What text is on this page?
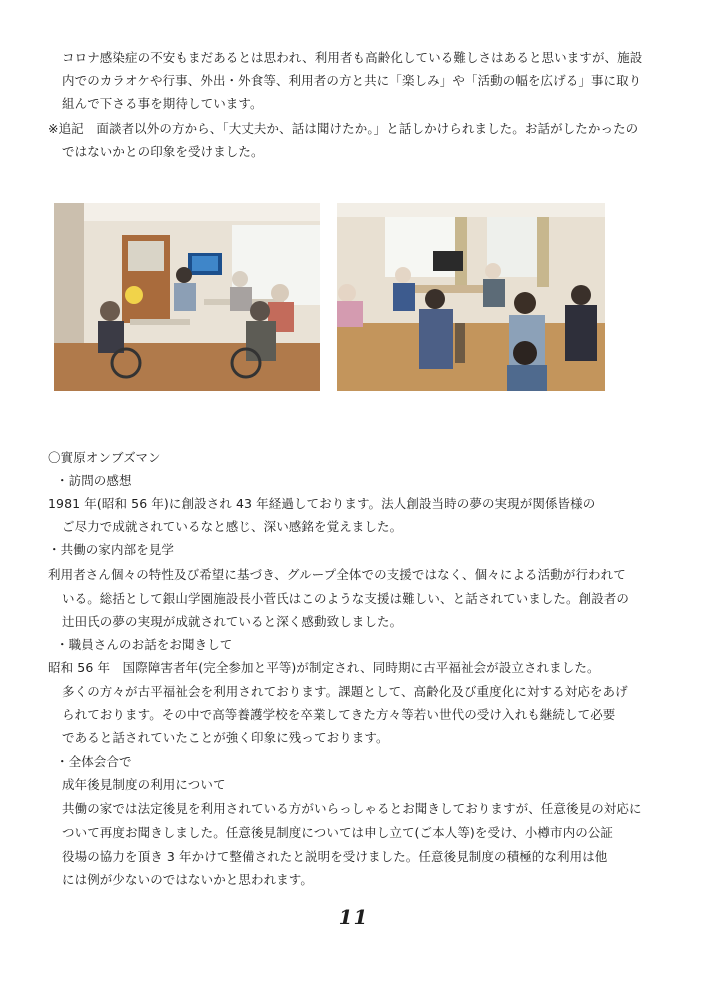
コロナ感染症の不安もまだあるとは思われ、利用者も高齢化している難しさはあると思いますが、施設
内でのカラオケや行事、外出・外食等、利用者の方と共に「楽しみ」や「活動の幅を広げる」事に取り
組んで下さる事を期待しています。
※追記　面談者以外の方から、「大丈夫か、話は聞けたか。」と話しかけられました。お話がしたかったの
ではないかとの印象を受けました。
〇實原オンブズマン
・訪問の感想
1981 年(昭和 56 年)に創設され 43 年経過しております。法人創設当時の夢の実現が関係皆様の
ご尽力で成就されているなと感じ、深い感銘を覚えました。
・共働の家内部を見学
利用者さん個々の特性及び希望に基づき、グループ全体での支援ではなく、個々による活動が行われて
いる。総括として銀山学園施設長小菅氏はこのような支援は難しい、と話されていました。創設者の
辻田氏の夢の実現が成就されていると深く感動致しました。
・職員さんのお話をお聞きして
昭和 56 年　国際障害者年(完全参加と平等)が制定され、同時期に古平福祉会が設立されました。
多くの方々が古平福祉会を利用されております。課題として、高齢化及び重度化に対する対応をあげ
られております。その中で高等養護学校を卒業してきた方々等若い世代の受け入れも継続して必要
であると話されていたことが強く印象に残っております。
・全体会合で
成年後見制度の利用について
共働の家では法定後見を利用されている方がいらっしゃるとお聞きしておりますが、任意後見の対応に
ついて再度お聞きしました。任意後見制度については申し立て(ご本人等)を受け、小樽市内の公証
役場の協力を頂き 3 年かけて整備されたと説明を受けました。任意後見制度の積極的な利用は他
には例が少ないのではないかと思われます。
11
